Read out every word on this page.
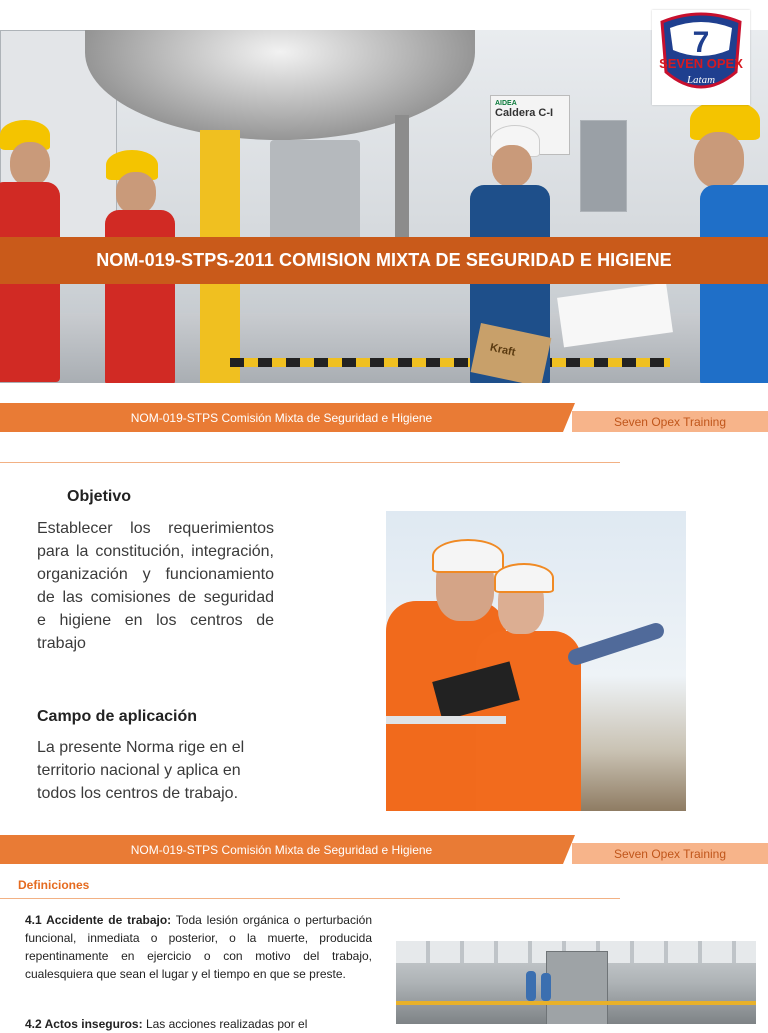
AIDEA
Caldera C-I
Kraft
7
SEVEN OPEX
Latam
NOM-019-STPS-2011 COMISION MIXTA DE SEGURIDAD E HIGIENE
NOM-019-STPS Comisión Mixta de Seguridad e Higiene	Seven Opex Training
Objetivo
Establecer los requerimientos para la constitución, integración, organización y funcionamiento de las comisiones de seguridad e higiene en los centros de trabajo
Campo de aplicación
La presente Norma rige en el territorio nacional y aplica en todos los centros de trabajo.
NOM-019-STPS Comisión Mixta de Seguridad e Higiene	Seven Opex Training
Definiciones
4.1 Accidente de trabajo: Toda lesión orgánica o perturbación funcional, inmediata o posterior, o la muerte, producida repentinamente en ejercicio o con motivo del trabajo, cualesquiera que sean el lugar y el tiempo en que se preste.
4.2 Actos inseguros: Las acciones realizadas por el
